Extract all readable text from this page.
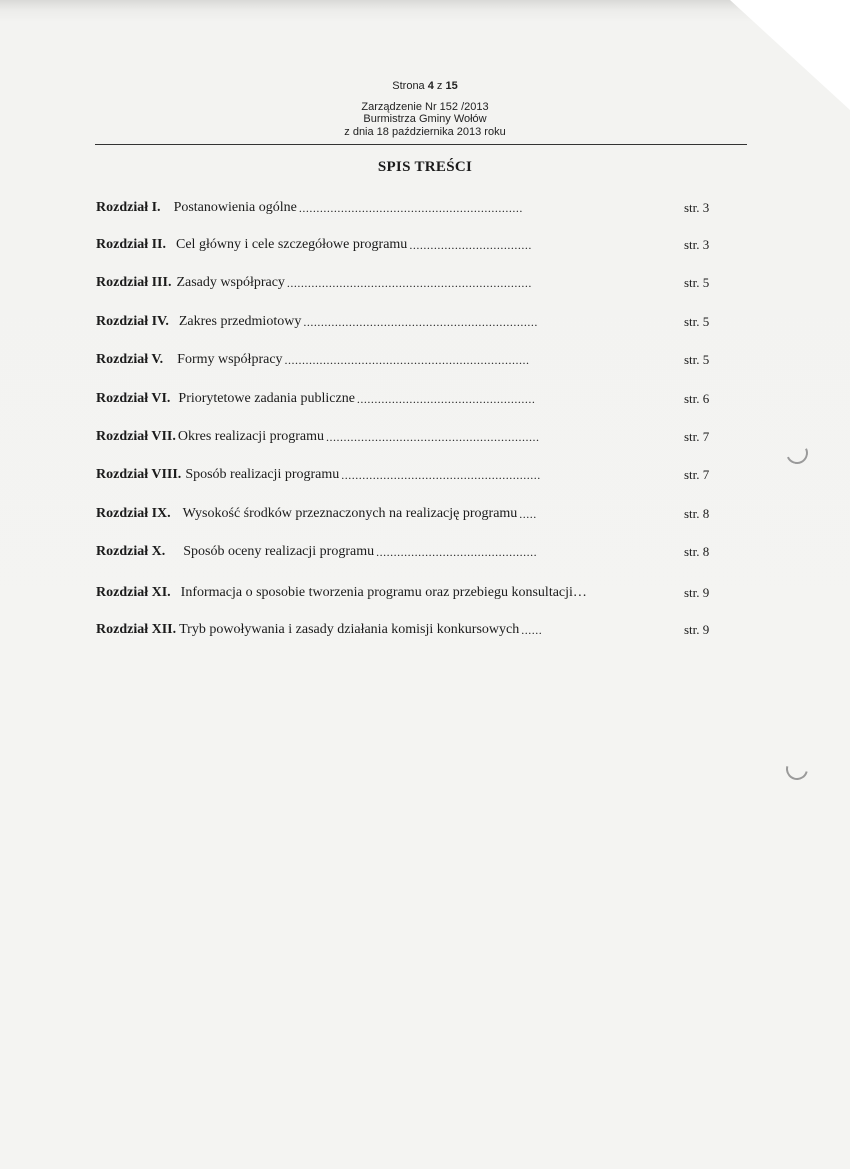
Strona 4 z 15
Zarządzenie Nr 152 /2013
Burmistrza Gminy Wołów
z dnia 18 października 2013 roku
SPIS TREŚCI
Rozdział I. Postanowienia ogólne ................................................................	str. 3
Rozdział II. Cel główny i cele szczegółowe programu ...................................	str. 3
Rozdział III. Zasady współpracy ......................................................................	str. 5
Rozdział IV. Zakres przedmiotowy ...................................................................	str. 5
Rozdział V. Formy współpracy ......................................................................	str. 5
Rozdział VI. Priorytetowe zadania publiczne ...................................................	str. 6
Rozdział VII. Okres realizacji programu .............................................................	str. 7
Rozdział VIII. Sposób realizacji programu .........................................................	str. 7
Rozdział IX. Wysokość środków przeznaczonych na realizację programu .....	str. 8
Rozdział X. Sposób oceny realizacji programu ..............................................	str. 8
Rozdział XI. Informacja o sposobie tworzenia programu oraz przebiegu konsultacji…	str. 9
Rozdział XII. Tryb powoływania i zasady działania komisji konkursowych ......	str. 9
